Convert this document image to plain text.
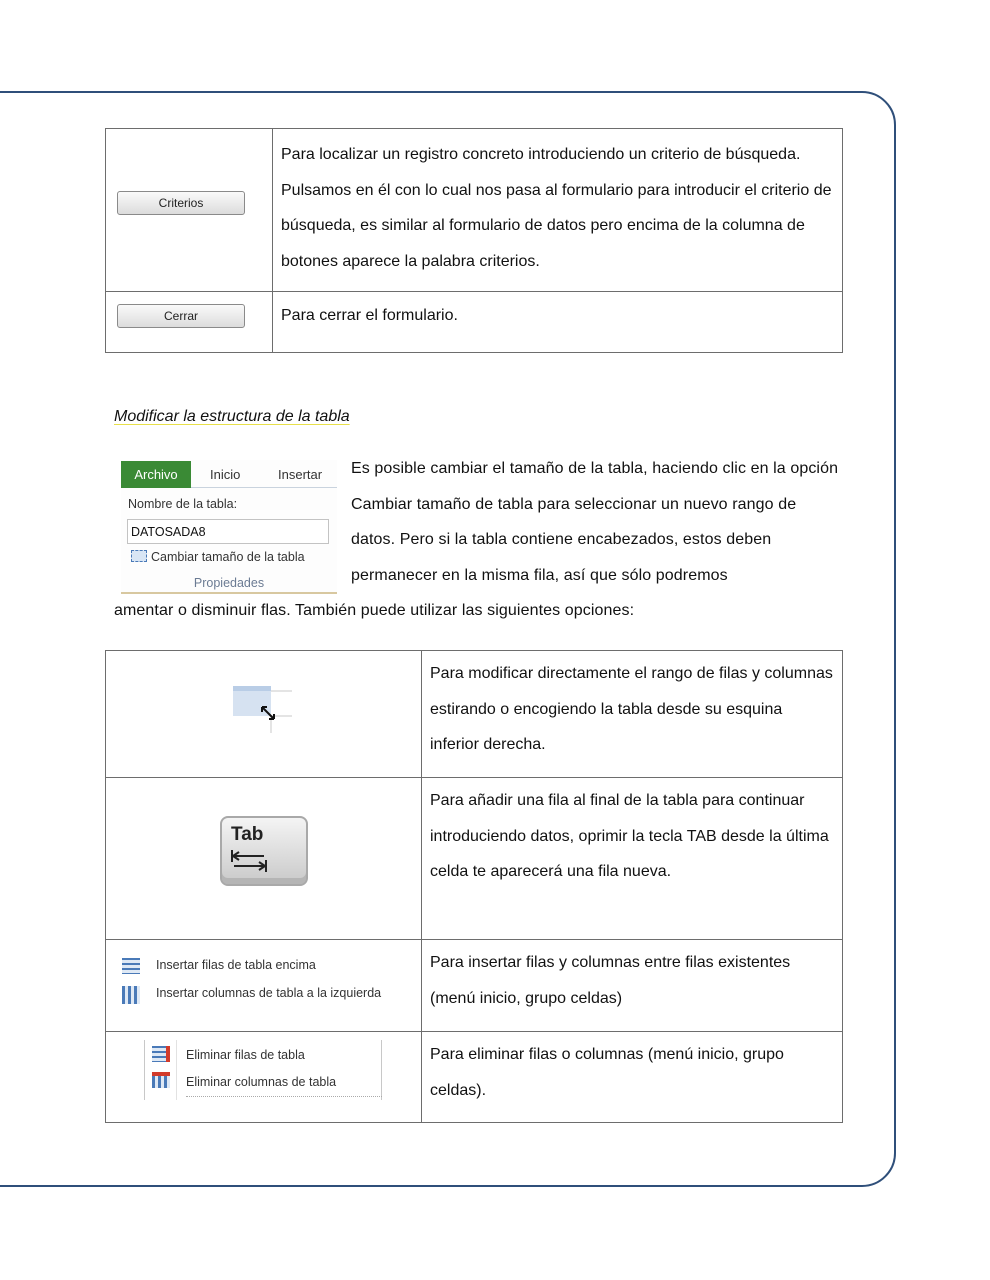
Criterios	Para localizar un registro concreto introduciendo un criterio de búsqueda. Pulsamos en él con lo cual nos pasa al formulario para introducir el criterio de búsqueda, es similar al formulario de datos pero encima de la columna de botones aparece la palabra criterios.

Cerrar	Para cerrar el formulario.
Modificar la estructura de la tabla
Archivo	Inicio	Insertar
Nombre de la tabla:
DATOSADA8
Cambiar tamaño de la tabla
Propiedades
Es posible cambiar el tamaño de la tabla, haciendo clic en la opción Cambiar tamaño de tabla para seleccionar un nuevo rango de datos. Pero si la tabla contiene encabezados, estos deben permanecer en la misma fila, así que sólo podremos
amentar o disminuir flas. También puede utilizar las siguientes opciones:

Para modificar directamente el rango de filas y columnas estirando o encogiendo la tabla desde su esquina inferior derecha.

Tab	Para añadir una fila al final de la tabla para continuar introduciendo datos, oprimir la tecla TAB desde la última celda te aparecerá una fila nueva.

Insertar filas de tabla encima
Insertar columnas de tabla a la izquierda	Para insertar filas y columnas entre filas existentes (menú inicio, grupo celdas)

Eliminar filas de tabla
Eliminar columnas de tabla	Para eliminar filas o columnas (menú inicio, grupo celdas).
